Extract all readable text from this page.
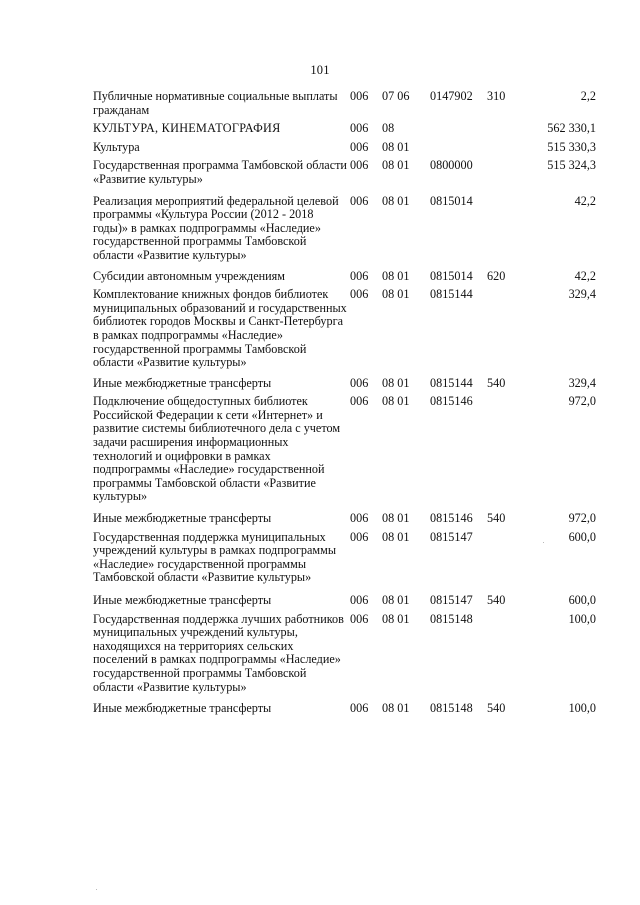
101
Публичные нормативные социальные выплаты гражданам	006	07 06	0147902	310	2,2
КУЛЬТУРА, КИНЕМАТОГРАФИЯ	006	08			562 330,1
Культура	006	08 01			515 330,3
Государственная программа Тамбовской области «Развитие культуры»	006	08 01	0800000		515 324,3
Реализация мероприятий федеральной целевой программы «Культура России (2012 - 2018 годы)» в рамках подпрограммы «Наследие» государственной программы Тамбовской области «Развитие культуры»	006	08 01	0815014		42,2
Субсидии автономным учреждениям	006	08 01	0815014	620	42,2
Комплектование книжных фондов библиотек муниципальных образований и государственных библиотек городов Москвы и Санкт-Петербурга в рамках подпрограммы «Наследие» государственной программы Тамбовской области «Развитие культуры»	006	08 01	0815144		329,4
Иные межбюджетные трансферты	006	08 01	0815144	540	329,4
Подключение общедоступных библиотек Российской Федерации к сети «Интернет» и развитие системы библиотечного дела с учетом задачи расширения информационных технологий и оцифровки в рамках подпрограммы «Наследие» государственной программы Тамбовской области «Развитие культуры»	006	08 01	0815146		972,0
Иные межбюджетные трансферты	006	08 01	0815146	540	972,0
Государственная поддержка муниципальных учреждений культуры в рамках подпрограммы «Наследие» государственной программы Тамбовской области «Развитие культуры»	006	08 01	0815147		600,0
Иные межбюджетные трансферты	006	08 01	0815147	540	600,0
Государственная поддержка лучших работников муниципальных учреждений культуры, находящихся на территориях сельских поселений в рамках подпрограммы «Наследие» государственной программы Тамбовской области «Развитие культуры»	006	08 01	0815148		100,0
Иные межбюджетные трансферты	006	08 01	0815148	540	100,0
